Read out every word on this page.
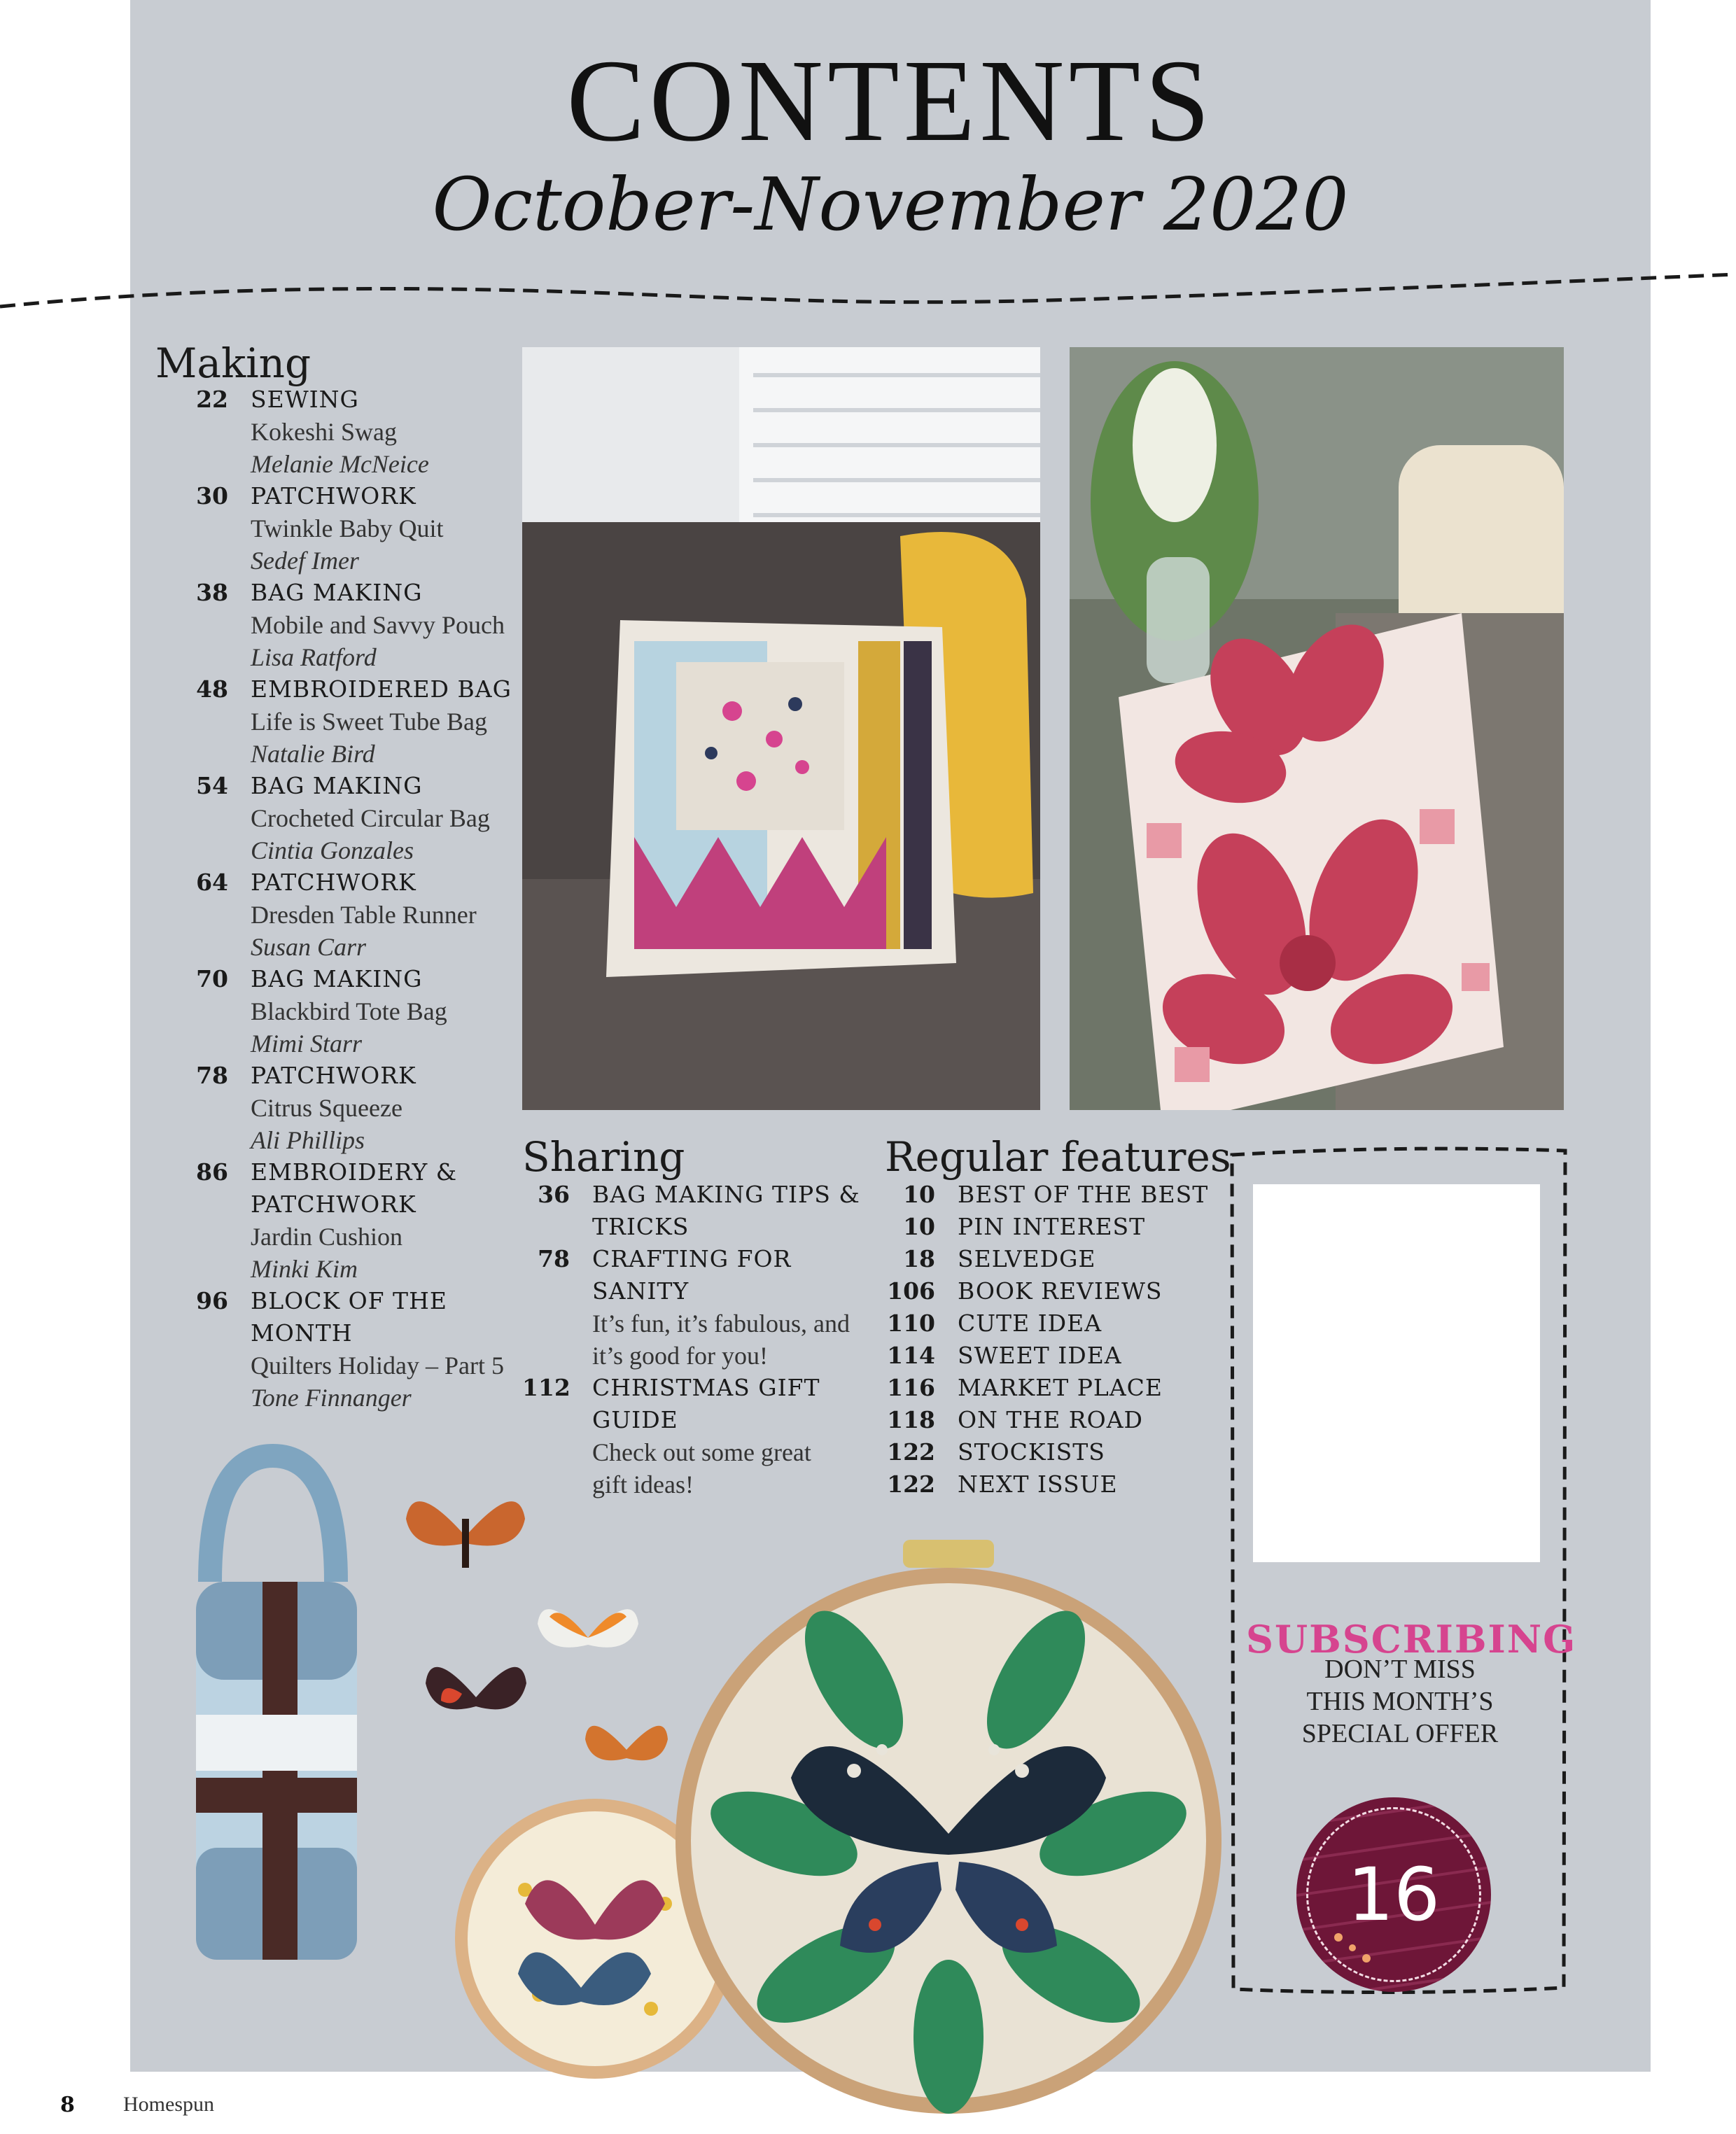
CONTENTS
October-November 2020
Making
22 SEWING
Kokeshi Swag
Melanie McNeice
30 PATCHWORK
Twinkle Baby Quit
Sedef Imer
38 BAG MAKING
Mobile and Savvy Pouch
Lisa Ratford
48 EMBROIDERED BAG
Life is Sweet Tube Bag
Natalie Bird
54 BAG MAKING
Crocheted Circular Bag
Cintia Gonzales
64 PATCHWORK
Dresden Table Runner
Susan Carr
70 BAG MAKING
Blackbird Tote Bag
Mimi Starr
78 PATCHWORK
Citrus Squeeze
Ali Phillips
86 EMBROIDERY &
PATCHWORK
Jardin Cushion
Minki Kim
96 BLOCK OF THE
MONTH
Quilters Holiday – Part 5
Tone Finnanger
Sharing
36 BAG MAKING TIPS &
TRICKS
78 CRAFTING FOR
SANITY
It’s fun, it’s fabulous, and
it’s good for you!
112 CHRISTMAS GIFT
GUIDE
Check out some great
gift ideas!
Regular features
10 BEST OF THE BEST
10 PIN INTEREST
18 SELVEDGE
106 BOOK REVIEWS
110 CUTE IDEA
114 SWEET IDEA
116 MARKET PLACE
118 ON THE ROAD
122 STOCKISTS
122 NEXT ISSUE
SUBSCRIBING
DON’T MISS
THIS MONTH’S
SPECIAL OFFER
16
8 Homespun
